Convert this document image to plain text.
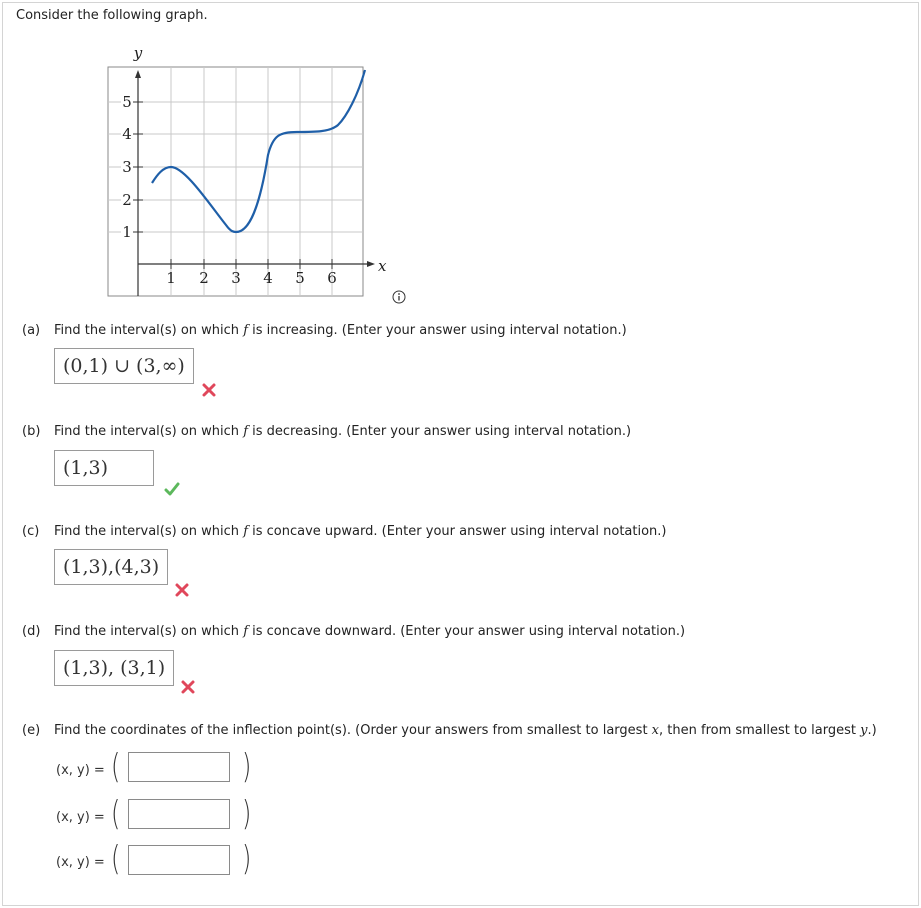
Consider the following graph.
y
x
1 2 3 4 5 6
1
2
3
4
5
(a) Find the interval(s) on which f is increasing. (Enter your answer using interval notation.)
(0,1) ∪ (3,∞)
(b) Find the interval(s) on which f is decreasing. (Enter your answer using interval notation.)
(1,3)
(c) Find the interval(s) on which f is concave upward. (Enter your answer using interval notation.)
(1,3),(4,3)
(d) Find the interval(s) on which f is concave downward. (Enter your answer using interval notation.)
(1,3), (3,1)
(e) Find the coordinates of the inflection point(s). (Order your answers from smallest to largest x, then from smallest to largest y.)
(x, y) = (	)
(x, y) = (	)
(x, y) = (	)
